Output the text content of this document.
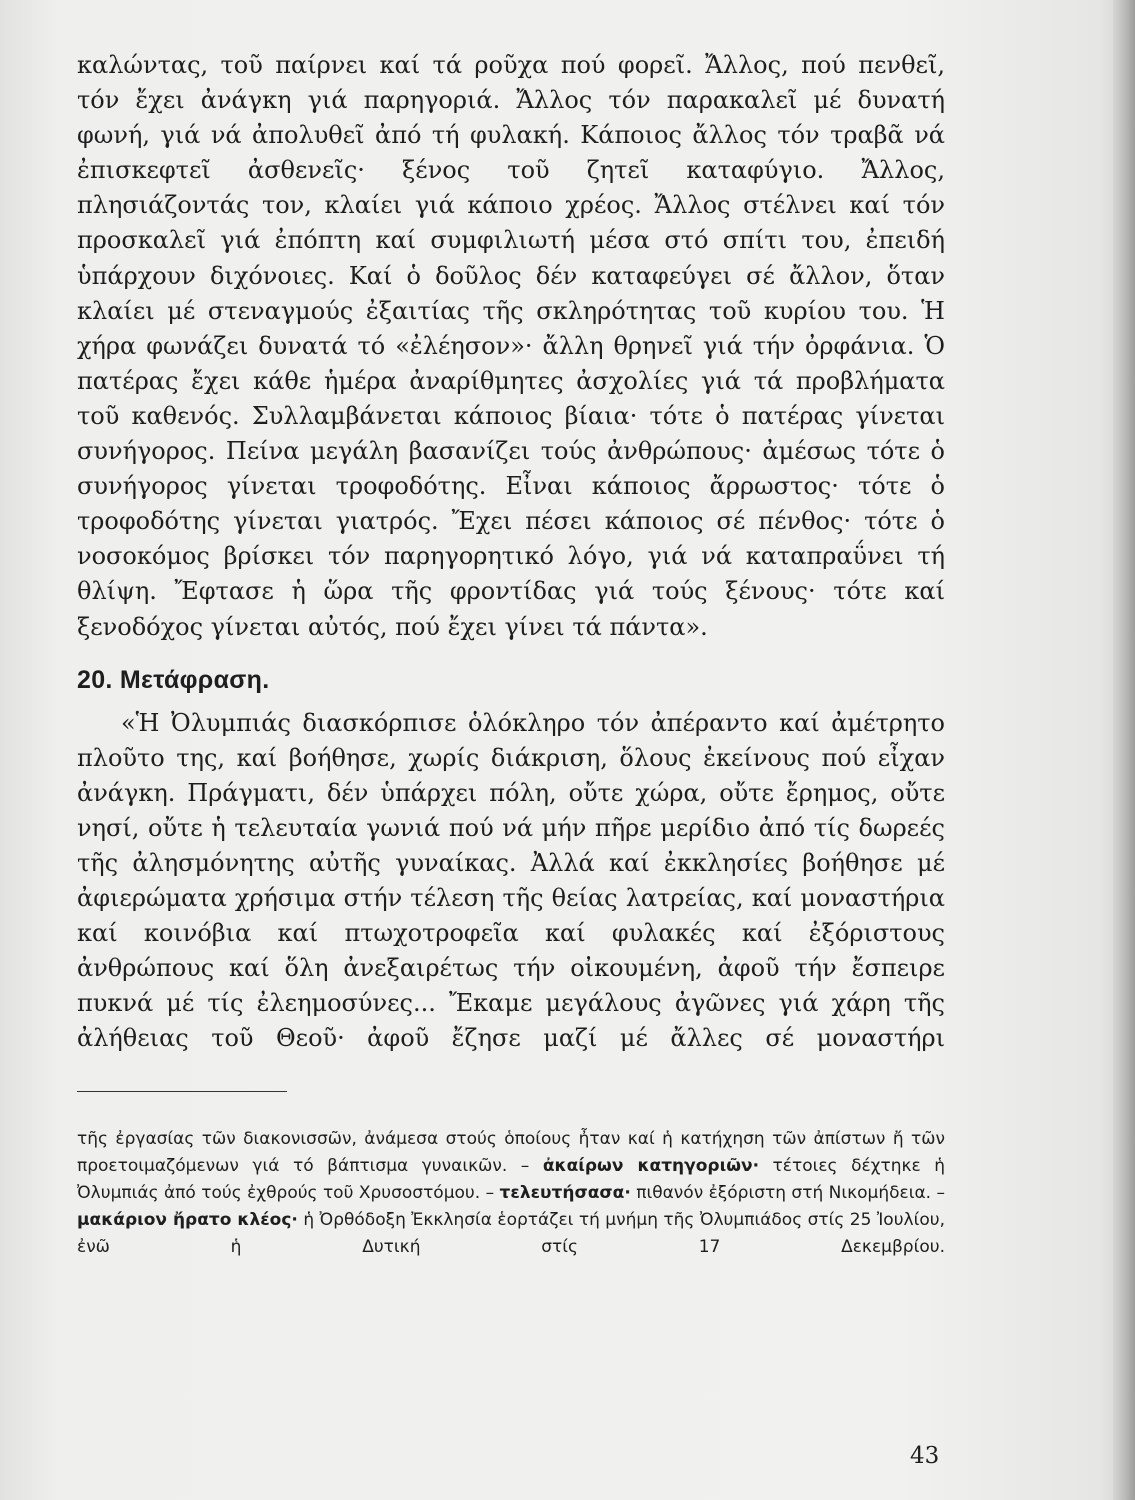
καλώντας, τοῦ παίρνει καί τά ροῦχα πού φορεῖ. Ἄλλος, πού πενθεῖ, τόν ἔχει ἀνάγκη γιά παρηγοριά. Ἄλλος τόν παρακαλεῖ μέ δυνατή φωνή, γιά νά ἀπολυθεῖ ἀπό τή φυλακή. Κάποιος ἄλλος τόν τραβᾶ νά ἐπισκεφτεῖ ἀσθενεῖς· ξένος τοῦ ζητεῖ καταφύγιο. Ἄλλος, πλησιάζοντάς τον, κλαίει γιά κάποιο χρέος. Ἄλλος στέλνει καί τόν προσκαλεῖ γιά ἐπόπτη καί συμφιλιωτή μέσα στό σπίτι του, ἐπειδή ὑπάρχουν διχόνοιες. Καί ὁ δοῦλος δέν καταφεύγει σέ ἄλλον, ὅταν κλαίει μέ στεναγμούς ἐξαιτίας τῆς σκληρότητας τοῦ κυρίου του. Ἡ χήρα φωνάζει δυνατά τό «ἐλέησον»· ἄλλη θρηνεῖ γιά τήν ὀρφάνια. Ὁ πατέρας ἔχει κάθε ἡμέρα ἀναρίθμητες ἀσχολίες γιά τά προβλήματα τοῦ καθενός. Συλλαμβάνεται κάποιος βίαια· τότε ὁ πατέρας γίνεται συνήγορος. Πείνα μεγάλη βασανίζει τούς ἀνθρώπους· ἀμέσως τότε ὁ συνήγορος γίνεται τροφοδότης. Εἶναι κάποιος ἄρρωστος· τότε ὁ τροφοδότης γίνεται γιατρός. Ἔχει πέσει κάποιος σέ πένθος· τότε ὁ νοσοκόμος βρίσκει τόν παρηγορητικό λόγο, γιά νά καταπραΰνει τή θλίψη. Ἔφτασε ἡ ὥρα τῆς φροντίδας γιά τούς ξένους· τότε καί ξενοδόχος γίνεται αὐτός, πού ἔχει γίνει τά πάντα».

20. Μετάφραση.

«Ἡ Ὀλυμπιάς διασκόρπισε ὁλόκληρο τόν ἀπέραντο καί ἀμέτρητο πλοῦτο της, καί βοήθησε, χωρίς διάκριση, ὅλους ἐκείνους πού εἶχαν ἀνάγκη. Πράγματι, δέν ὑπάρχει πόλη, οὔτε χώρα, οὔτε ἔρημος, οὔτε νησί, οὔτε ἡ τελευταία γωνιά πού νά μήν πῆρε μερίδιο ἀπό τίς δωρεές τῆς ἀλησμόνητης αὐτῆς γυναίκας. Ἀλλά καί ἐκκλησίες βοήθησε μέ ἀφιερώματα χρήσιμα στήν τέλεση τῆς θείας λατρείας, καί μοναστήρια καί κοινόβια καί πτωχοτροφεῖα καί φυλακές καί ἐξόριστους ἀνθρώπους καί ὅλη ἀνεξαιρέτως τήν οἰκουμένη, ἀφοῦ τήν ἔσπειρε πυκνά μέ τίς ἐλεημοσύνες... Ἔκαμε μεγάλους ἀγῶνες γιά χάρη τῆς ἀλήθειας τοῦ Θεοῦ· ἀφοῦ ἔζησε μαζί μέ ἄλλες σέ μοναστήρι

τῆς ἐργασίας τῶν διακονισσῶν, ἀνάμεσα στούς ὁποίους ἦταν καί ἡ κατήχηση τῶν ἀπίστων ἤ τῶν προετοιμαζόμενων γιά τό βάπτισμα γυναικῶν. – ἀκαίρων κατηγοριῶν· τέτοιες δέχτηκε ἡ Ὀλυμπιάς ἀπό τούς ἐχθρούς τοῦ Χρυσοστόμου. – τελευτήσασα· πιθανόν ἐξόριστη στή Νικομήδεια. – μακάριον ἤρατο κλέος· ἡ Ὀρθόδοξη Ἐκκλησία ἑορτάζει τή μνήμη τῆς Ὀλυμπιάδος στίς 25 Ἰουλίου, ἐνῶ ἡ Δυτική στίς 17 Δεκεμβρίου.

43
